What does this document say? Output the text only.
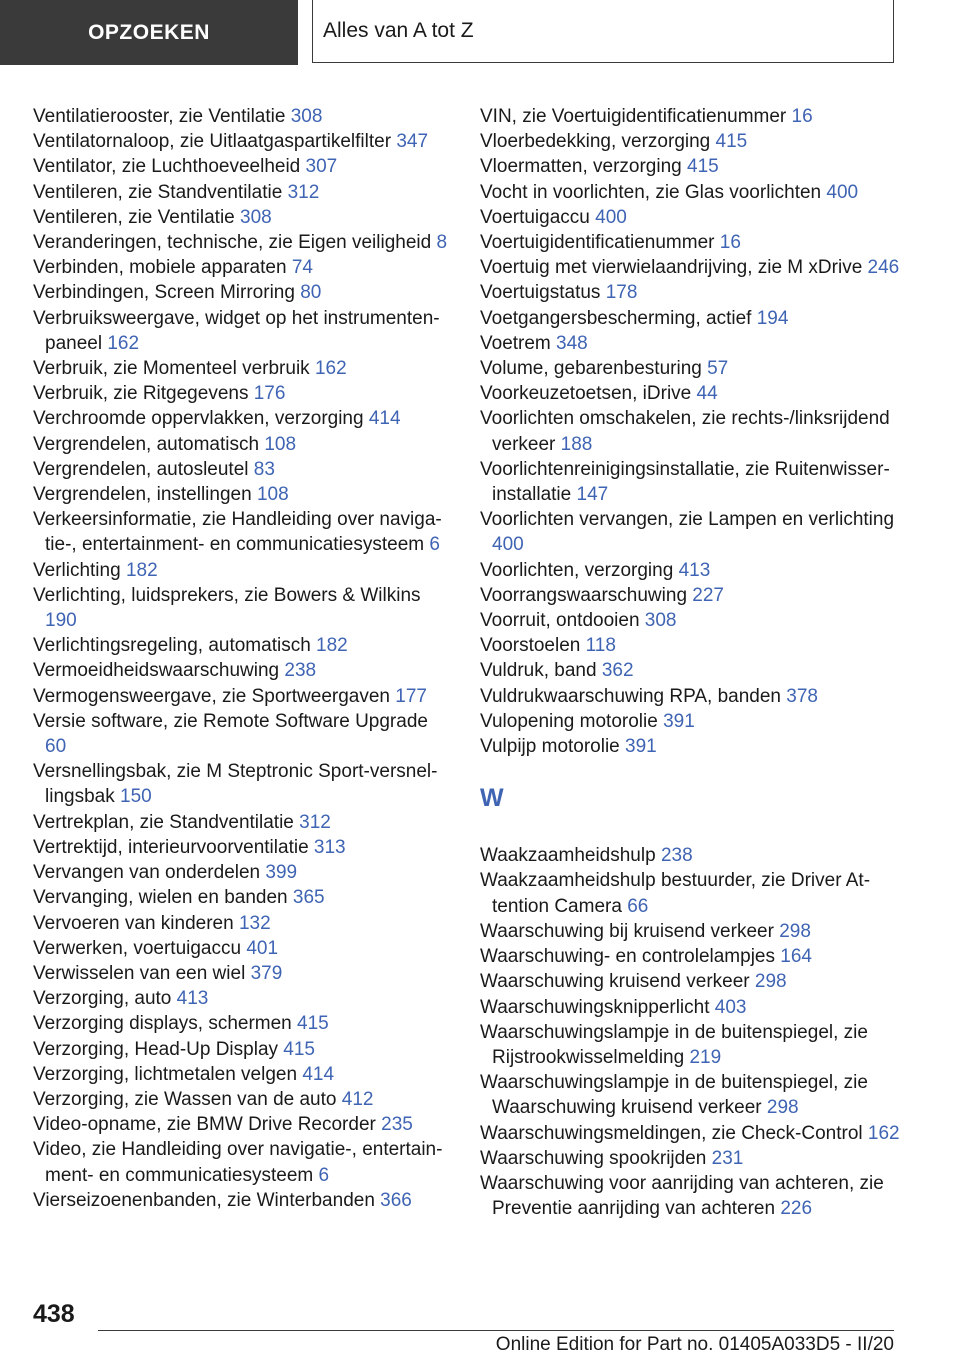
OPZOEKEN	Alles van A tot Z
Ventilatierooster, zie Ventilatie 308
Ventilatornaloop, zie Uitlaatgaspartikelfilter 347
Ventilator, zie Luchthoeveelheid 307
Ventileren, zie Standventilatie 312
Ventileren, zie Ventilatie 308
Veranderingen, technische, zie Eigen veiligheid 8
Verbinden, mobiele apparaten 74
Verbindingen, Screen Mirroring 80
Verbruiksweergave, widget op het instrumentenpaneel 162
Verbruik, zie Momenteel verbruik 162
Verbruik, zie Ritgegevens 176
Verchroomde oppervlakken, verzorging 414
Vergrendelen, automatisch 108
Vergrendelen, autosleutel 83
Vergrendelen, instellingen 108
Verkeersinformatie, zie Handleiding over navigatie-, entertainment- en communicatiesysteem 6
Verlichting 182
Verlichting, luidsprekers, zie Bowers & Wilkins 190
Verlichtingsregeling, automatisch 182
Vermoeidheidswaarschuwing 238
Vermogensweergave, zie Sportweergaven 177
Versie software, zie Remote Software Upgrade 60
Versnellingsbak, zie M Steptronic Sport-versnellingsbak 150
Vertrekplan, zie Standventilatie 312
Vertrektijd, interieurvoorventilatie 313
Vervangen van onderdelen 399
Vervanging, wielen en banden 365
Vervoeren van kinderen 132
Verwerken, voertuigaccu 401
Verwisselen van een wiel 379
Verzorging, auto 413
Verzorging displays, schermen 415
Verzorging, Head-Up Display 415
Verzorging, lichtmetalen velgen 414
Verzorging, zie Wassen van de auto 412
Video-opname, zie BMW Drive Recorder 235
Video, zie Handleiding over navigatie-, entertainment- en communicatiesysteem 6
Vierseizoenenbanden, zie Winterbanden 366
VIN, zie Voertuigidentificatienummer 16
Vloerbedekking, verzorging 415
Vloermatten, verzorging 415
Vocht in voorlichten, zie Glas voorlichten 400
Voertuigaccu 400
Voertuigidentificatienummer 16
Voertuig met vierwielaandrijving, zie M xDrive 246
Voertuigstatus 178
Voetgangersbescherming, actief 194
Voetrem 348
Volume, gebarenbesturing 57
Voorkeuzetoetsen, iDrive 44
Voorlichten omschakelen, zie rechts-/linksrijdend verkeer 188
Voorlichtenreinigingsinstallatie, zie Ruitenwisserinstallatie 147
Voorlichten vervangen, zie Lampen en verlichting 400
Voorlichten, verzorging 413
Voorrangswaarschuwing 227
Voorruit, ontdooien 308
Voorstoelen 118
Vuldruk, band 362
Vuldrukwaarschuwing RPA, banden 378
Vulopening motorolie 391
Vulpijp motorolie 391
W
Waakzaamheidshulp 238
Waakzaamheidshulp bestuurder, zie Driver Attention Camera 66
Waarschuwing bij kruisend verkeer 298
Waarschuwing- en controlelampjes 164
Waarschuwing kruisend verkeer 298
Waarschuwingsknipperlicht 403
Waarschuwingslampje in de buitenspiegel, zie Rijstrookwisselmelding 219
Waarschuwingslampje in de buitenspiegel, zie Waarschuwing kruisend verkeer 298
Waarschuwingsmeldingen, zie Check-Control 162
Waarschuwing spookrijden 231
Waarschuwing voor aanrijding van achteren, zie Preventie aanrijding van achteren 226
438
Online Edition for Part no. 01405A033D5 - II/20
